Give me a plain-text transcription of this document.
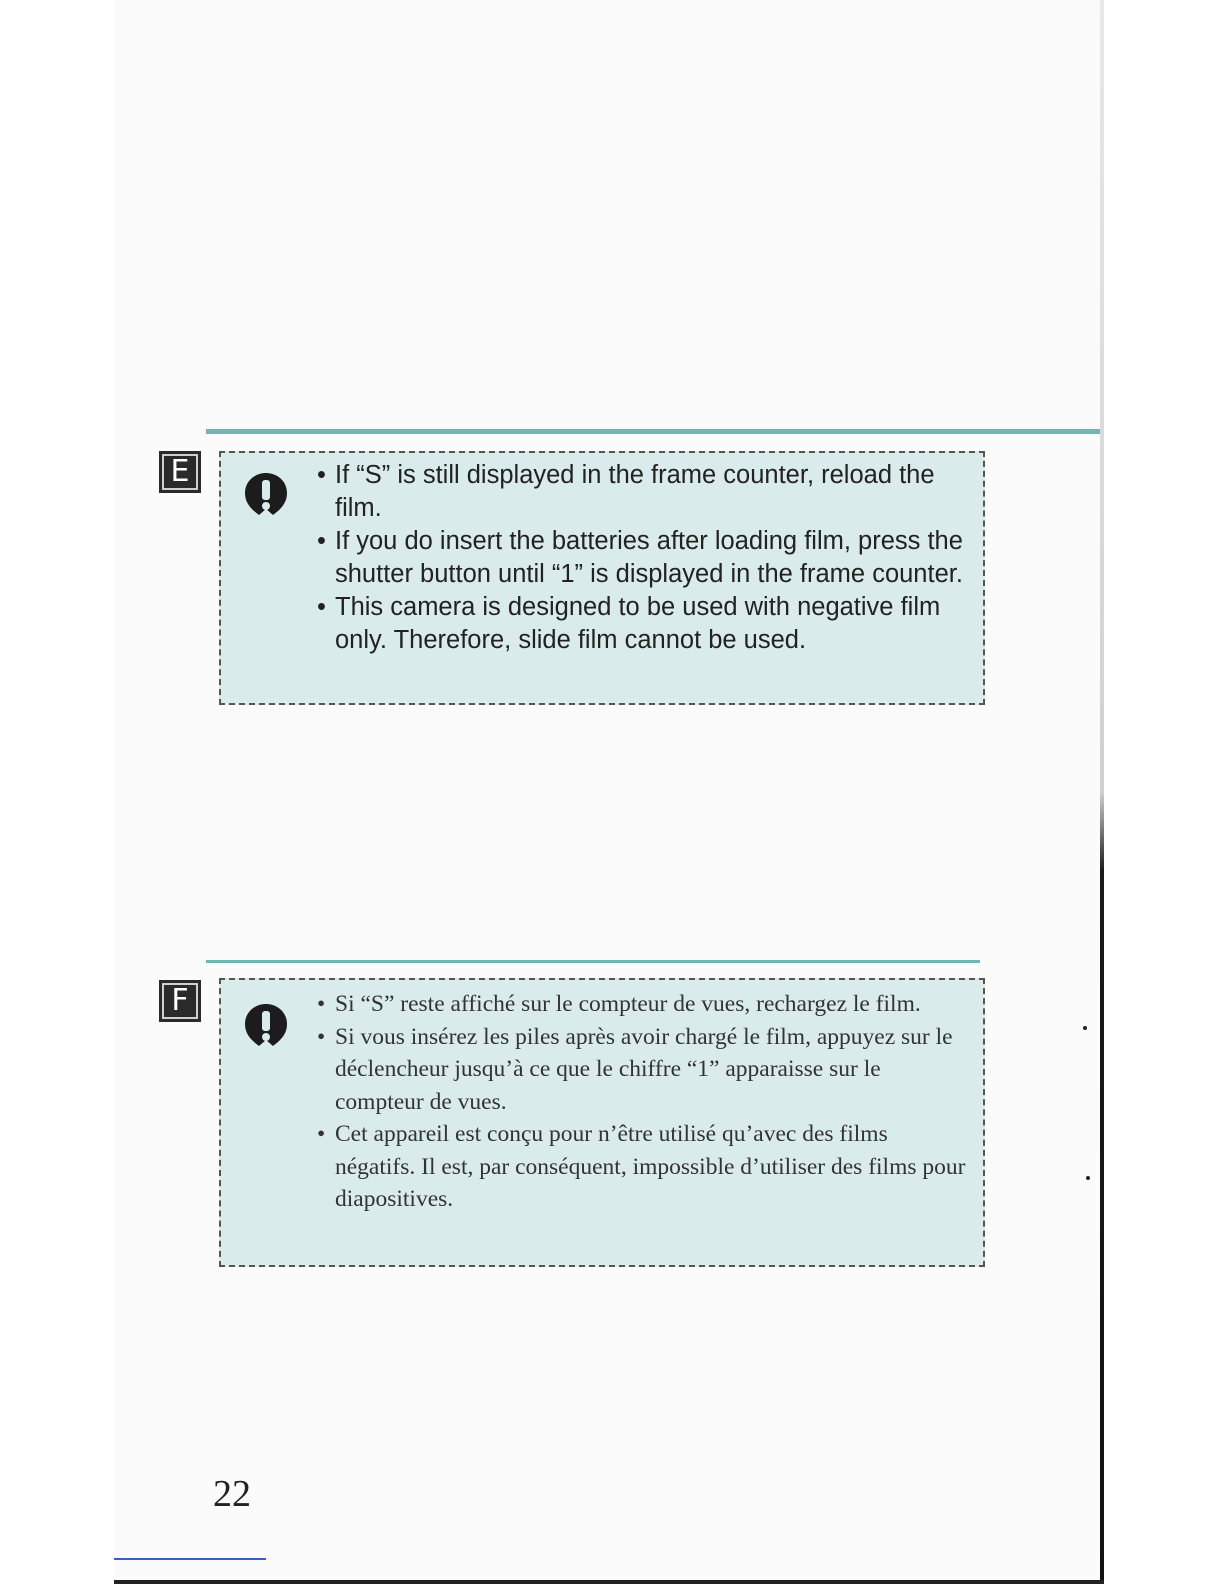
E	• If “S” is still displayed in the frame counter, reload the film.
• If you do insert the batteries after loading film, press the shutter button until “1” is displayed in the frame counter.
• This camera is designed to be used with negative film only. Therefore, slide film cannot be used.
F	• Si “S” reste affiché sur le compteur de vues, rechargez le film.
• Si vous insérez les piles après avoir chargé le film, appuyez sur le déclencheur jusqu’à ce que le chiffre “1” apparaisse sur le compteur de vues.
• Cet appareil est conçu pour n’être utilisé qu’avec des films négatifs. Il est, par conséquent, impossible d’utiliser des films pour diapositives.
22
